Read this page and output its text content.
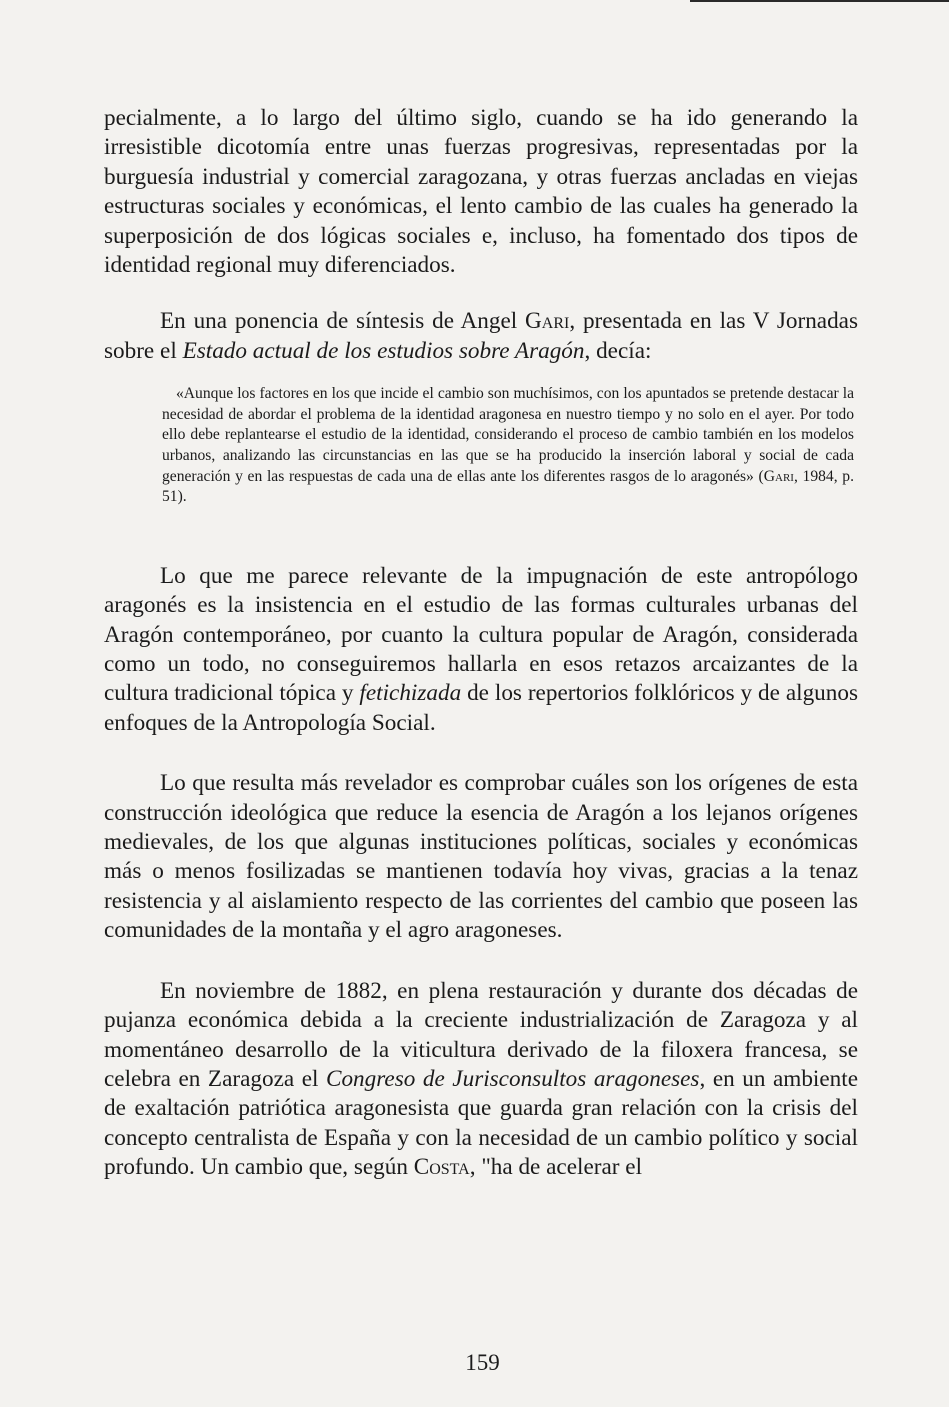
pecialmente, a lo largo del último siglo, cuando se ha ido generando la irresistible dicotomía entre unas fuerzas progresivas, representadas por la burguesía industrial y comercial zaragozana, y otras fuerzas ancladas en viejas estructuras sociales y económicas, el lento cambio de las cuales ha generado la superposición de dos lógicas sociales e, incluso, ha fomentado dos tipos de identidad regional muy diferenciados.

En una ponencia de síntesis de Angel Gari, presentada en las V Jornadas sobre el Estado actual de los estudios sobre Aragón, decía:

«Aunque los factores en los que incide el cambio son muchísimos, con los apuntados se pretende destacar la necesidad de abordar el problema de la identidad aragonesa en nuestro tiempo y no solo en el ayer. Por todo ello debe replantearse el estudio de la identidad, considerando el proceso de cambio también en los modelos urbanos, analizando las circunstancias en las que se ha producido la inserción laboral y social de cada generación y en las respuestas de cada una de ellas ante los diferentes rasgos de lo aragonés» (Gari, 1984, p. 51).

Lo que me parece relevante de la impugnación de este antropólogo aragonés es la insistencia en el estudio de las formas culturales urbanas del Aragón contemporáneo, por cuanto la cultura popular de Aragón, considerada como un todo, no conseguiremos hallarla en esos retazos arcaizantes de la cultura tradicional tópica y fetichizada de los repertorios folklóricos y de algunos enfoques de la Antropología Social.

Lo que resulta más revelador es comprobar cuáles son los orígenes de esta construcción ideológica que reduce la esencia de Aragón a los lejanos orígenes medievales, de los que algunas instituciones políticas, sociales y económicas más o menos fosilizadas se mantienen todavía hoy vivas, gracias a la tenaz resistencia y al aislamiento respecto de las corrientes del cambio que poseen las comunidades de la montaña y el agro aragoneses.

En noviembre de 1882, en plena restauración y durante dos décadas de pujanza económica debida a la creciente industrialización de Zaragoza y al momentáneo desarrollo de la viticultura derivado de la filoxera francesa, se celebra en Zaragoza el Congreso de Jurisconsultos aragoneses, en un ambiente de exaltación patriótica aragonesista que guarda gran relación con la crisis del concepto centralista de España y con la necesidad de un cambio político y social profundo. Un cambio que, según Costa, "ha de acelerar el

159
